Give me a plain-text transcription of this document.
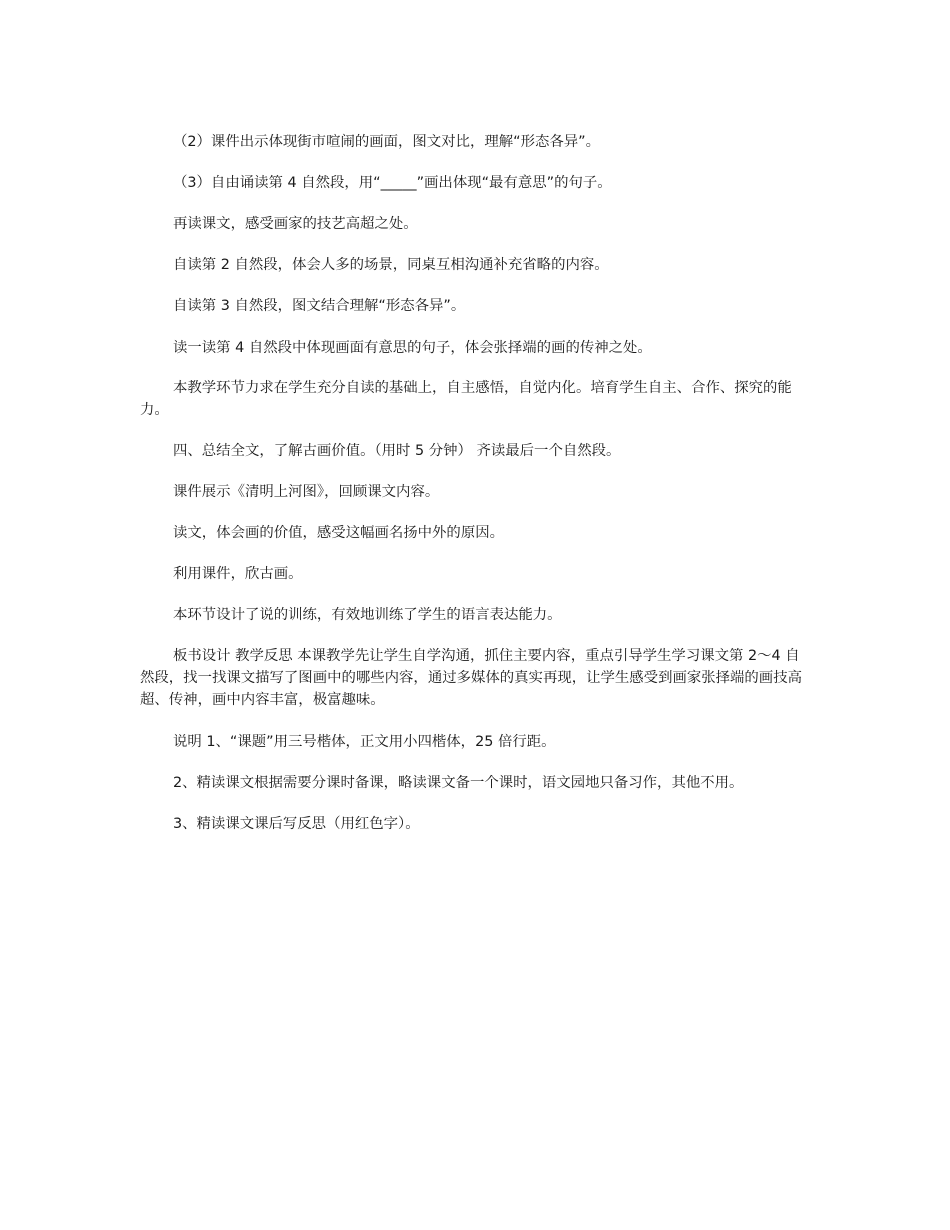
（2）课件出示体现街市喧闹的画面，图文对比，理解“形态各异”。

（3）自由诵读第 4 自然段，用“_____”画出体现“最有意思”的句子。

再读课文，感受画家的技艺高超之处。

自读第 2 自然段，体会人多的场景，同桌互相沟通补充省略的内容。

自读第 3 自然段，图文结合理解“形态各异”。

读一读第 4 自然段中体现画面有意思的句子，体会张择端的画的传神之处。

本教学环节力求在学生充分自读的基础上，自主感悟，自觉内化。培育学生自主、合作、探究的能力。

四、总结全文，了解古画价值。（用时 5 分钟） 齐读最后一个自然段。

课件展示《清明上河图》，回顾课文内容。

读文，体会画的价值，感受这幅画名扬中外的原因。

利用课件，欣古画。

本环节设计了说的训练，有效地训练了学生的语言表达能力。

板书设计 教学反思 本课教学先让学生自学沟通，抓住主要内容，重点引导学生学习课文第 2～4 自然段，找一找课文描写了图画中的哪些内容，通过多媒体的真实再现，让学生感受到画家张择端的画技高超、传神，画中内容丰富，极富趣味。

说明 1、“课题”用三号楷体，正文用小四楷体，25 倍行距。

2、精读课文根据需要分课时备课，略读课文备一个课时，语文园地只备习作，其他不用。

3、精读课文课后写反思（用红色字）。
